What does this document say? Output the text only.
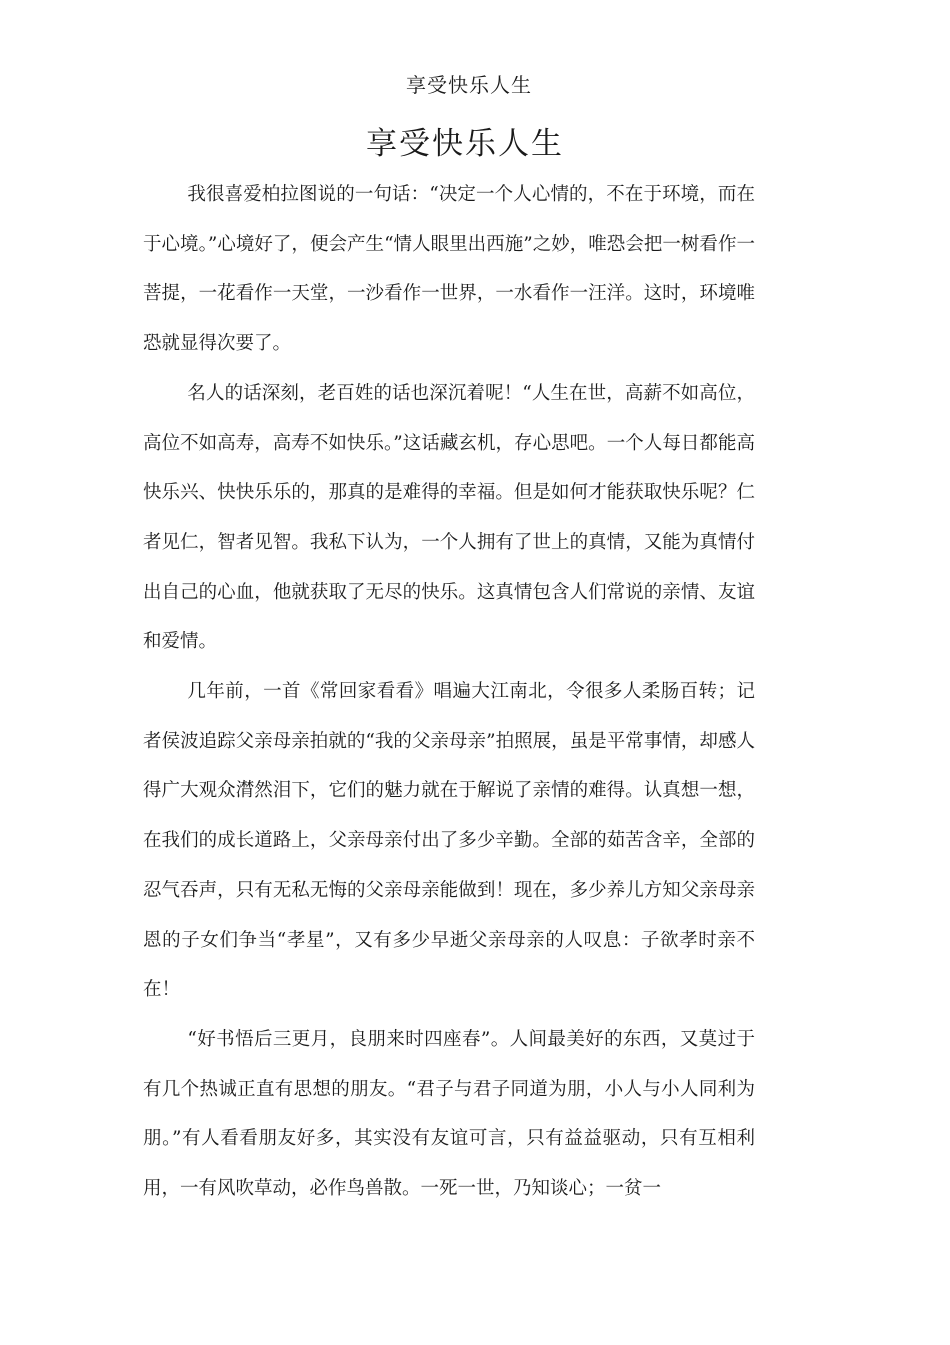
享受快乐人生
享受快乐人生

我很喜爱柏拉图说的一句话：“决定一个人心情的，不在于环境，而在于心境。”心境好了，便会产生“情人眼里出西施”之妙，唯恐会把一树看作一菩提，一花看作一天堂，一沙看作一世界，一水看作一汪洋。这时，环境唯恐就显得次要了。

名人的话深刻，老百姓的话也深沉着呢！“人生在世，高薪不如高位，高位不如高寿，高寿不如快乐。”这话藏玄机，存心思吧。一个人每日都能高快乐兴、快快乐乐的，那真的是难得的幸福。但是如何才能获取快乐呢？仁者见仁，智者见智。我私下认为，一个人拥有了世上的真情，又能为真情付出自己的心血，他就获取了无尽的快乐。这真情包含人们常说的亲情、友谊和爱情。

几年前，一首《常回家看看》唱遍大江南北，令很多人柔肠百转；记者侯波追踪父亲母亲拍就的“我的父亲母亲”拍照展，虽是平常事情，却感人得广大观众潸然泪下，它们的魅力就在于解说了亲情的难得。认真想一想，在我们的成长道路上，父亲母亲付出了多少辛勤。全部的茹苦含辛，全部的忍气吞声，只有无私无悔的父亲母亲能做到！现在，多少养儿方知父亲母亲恩的子女们争当“孝星”，又有多少早逝父亲母亲的人叹息：子欲孝时亲不在！

“好书悟后三更月，良朋来时四座春”。人间最美好的东西，又莫过于有几个热诚正直有思想的朋友。“君子与君子同道为朋，小人与小人同利为朋。”有人看看朋友好多，其实没有友谊可言，只有益益驱动，只有互相利用，一有风吹草动，必作鸟兽散。一死一世，乃知谈心；一贫一
